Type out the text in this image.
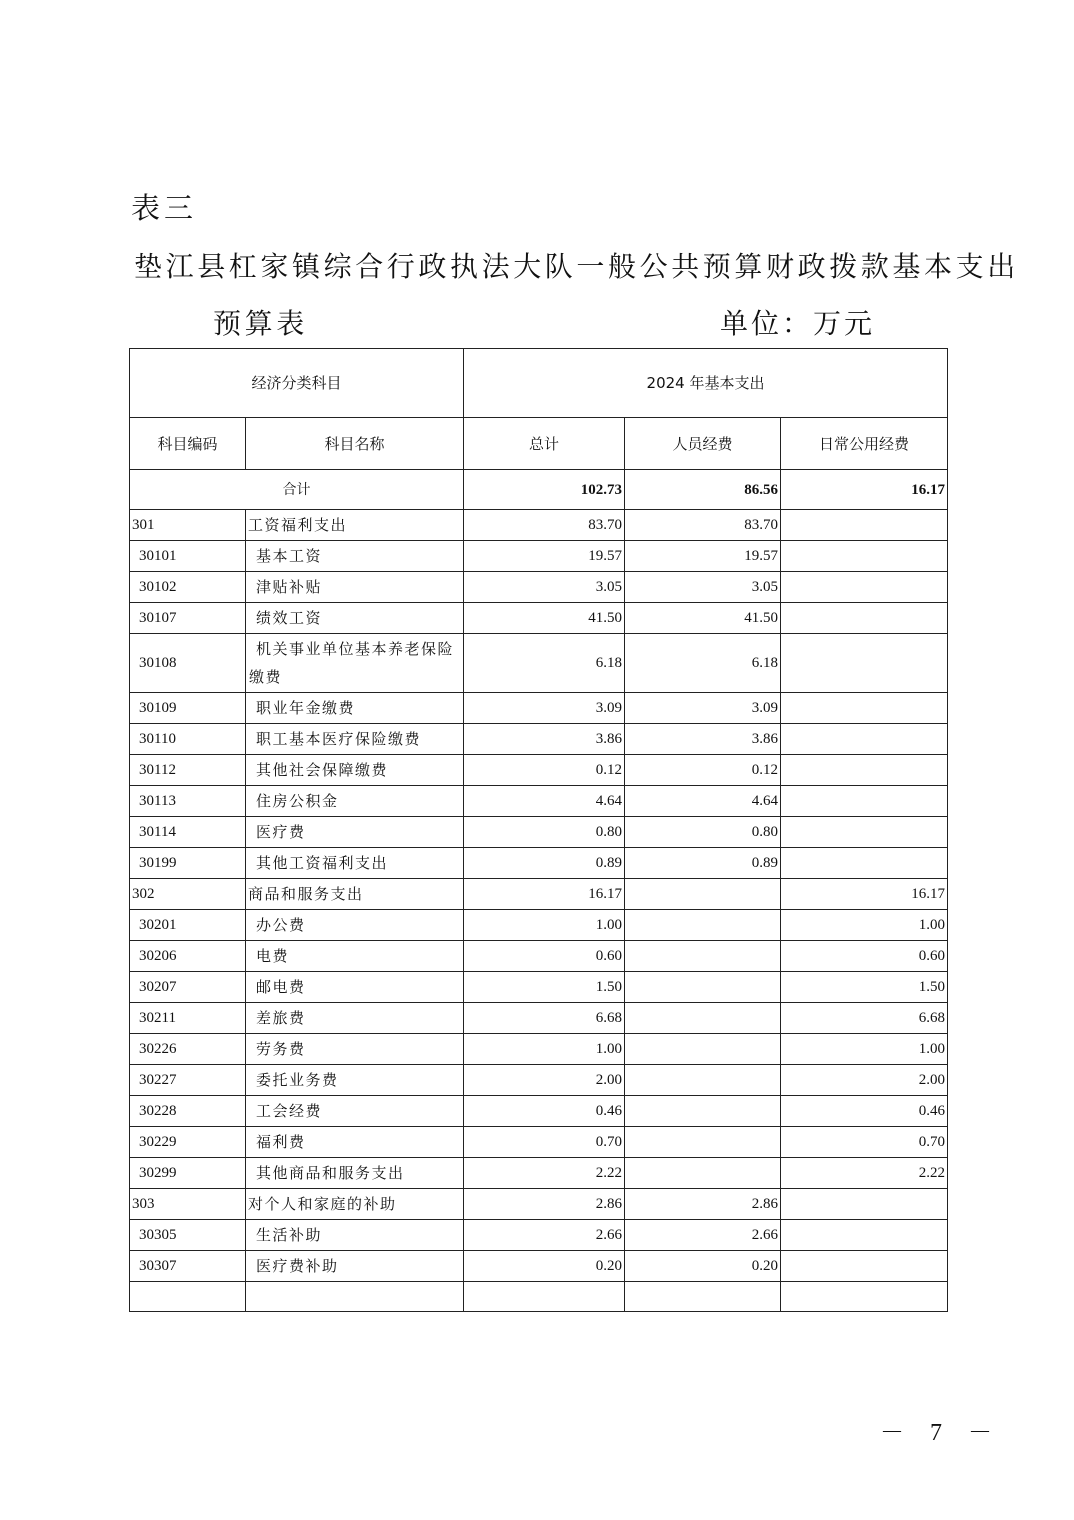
表三
垫江县杠家镇综合行政执法大队一般公共预算财政拨款基本支出
预算表	单位：万元
经济分类科目		2024 年基本支出		
科目编码	科目名称	总计	人员经费	日常公用经费
合计		102.73	86.56	16.17
301	工资福利支出	83.70	83.70	
30101	基本工资	19.57	19.57	
30102	津贴补贴	3.05	3.05	
30107	绩效工资	41.50	41.50	
30108	机关事业单位基本养老保险缴费	6.18	6.18	
30109	职业年金缴费	3.09	3.09	
30110	职工基本医疗保险缴费	3.86	3.86	
30112	其他社会保障缴费	0.12	0.12	
30113	住房公积金	4.64	4.64	
30114	医疗费	0.80	0.80	
30199	其他工资福利支出	0.89	0.89	
302	商品和服务支出	16.17		16.17
30201	办公费	1.00		1.00
30206	电费	0.60		0.60
30207	邮电费	1.50		1.50
30211	差旅费	6.68		6.68
30226	劳务费	1.00		1.00
30227	委托业务费	2.00		2.00
30228	工会经费	0.46		0.46
30229	福利费	0.70		0.70
30299	其他商品和服务支出	2.22		2.22
303	对个人和家庭的补助	2.86	2.86	
30305	生活补助	2.66	2.66	
30307	医疗费补助	0.20	0.20	

－ 7 －
